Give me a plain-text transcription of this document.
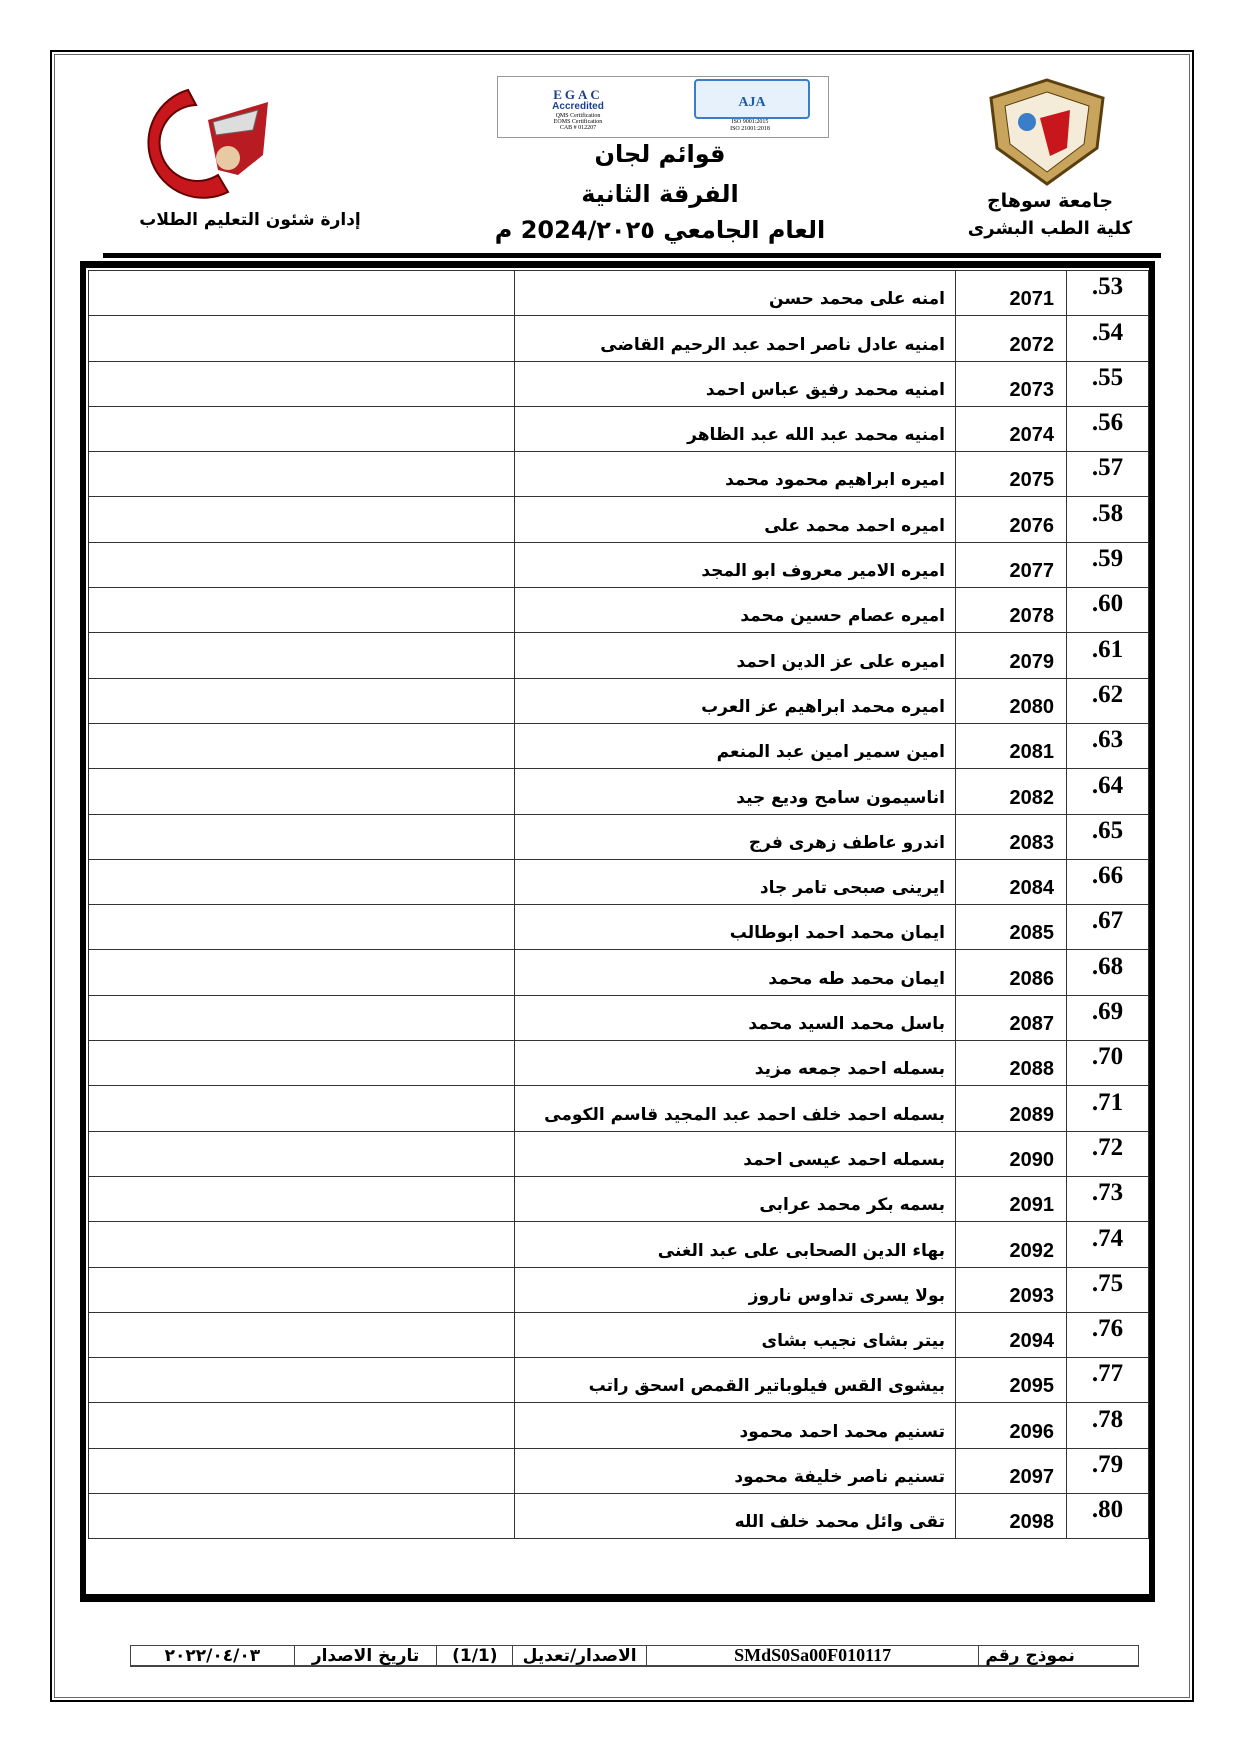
إدارة شئون التعليم الطلاب
EGAC
Accredited
QMS Certification
EOMS Certification
CAB # 012207
AJA
ISO 9001:2015
ISO 21001:2018
قوائم لجان
الفرقة الثانية
العام الجامعي 2024/٢٠٢٥ م
جامعة سوهاج
كلية الطب البشرى
.53	2071	امنه على محمد حسن	
.54	2072	امنيه عادل ناصر احمد عبد الرحيم القاضى	
.55	2073	امنيه محمد رفيق عباس احمد	
.56	2074	امنيه محمد عبد الله عبد الظاهر	
.57	2075	اميره ابراهيم محمود محمد	
.58	2076	اميره احمد محمد على	
.59	2077	اميره الامير معروف ابو المجد	
.60	2078	اميره عصام حسين محمد	
.61	2079	اميره على عز الدين احمد	
.62	2080	اميره محمد ابراهيم عز العرب	
.63	2081	امين سمير امين عبد المنعم	
.64	2082	اناسيمون سامح وديع جيد	
.65	2083	اندرو عاطف زهرى فرج	
.66	2084	ايرينى صبحى تامر جاد	
.67	2085	ايمان محمد احمد ابوطالب	
.68	2086	ايمان محمد طه محمد	
.69	2087	باسل محمد السيد محمد	
.70	2088	بسمله احمد جمعه مزيد	
.71	2089	بسمله احمد خلف احمد عبد المجيد قاسم الكومى	
.72	2090	بسمله احمد عيسى احمد	
.73	2091	بسمه بكر محمد عرابى	
.74	2092	بهاء الدين الصحابى على عبد الغنى	
.75	2093	بولا يسرى تداوس ناروز	
.76	2094	بيتر بشاى نجيب بشاى	
.77	2095	بيشوى القس فيلوباتير القمص اسحق راتب	
.78	2096	تسنيم محمد احمد محمود	
.79	2097	تسنيم ناصر خليفة محمود	
.80	2098	تقى وائل محمد خلف الله	
نموذج رقم
SMdS0Sa00F010117
الاصدار/تعديل
(1/1)
تاريخ الاصدار
٢٠٢٢/٠٤/٠٣
